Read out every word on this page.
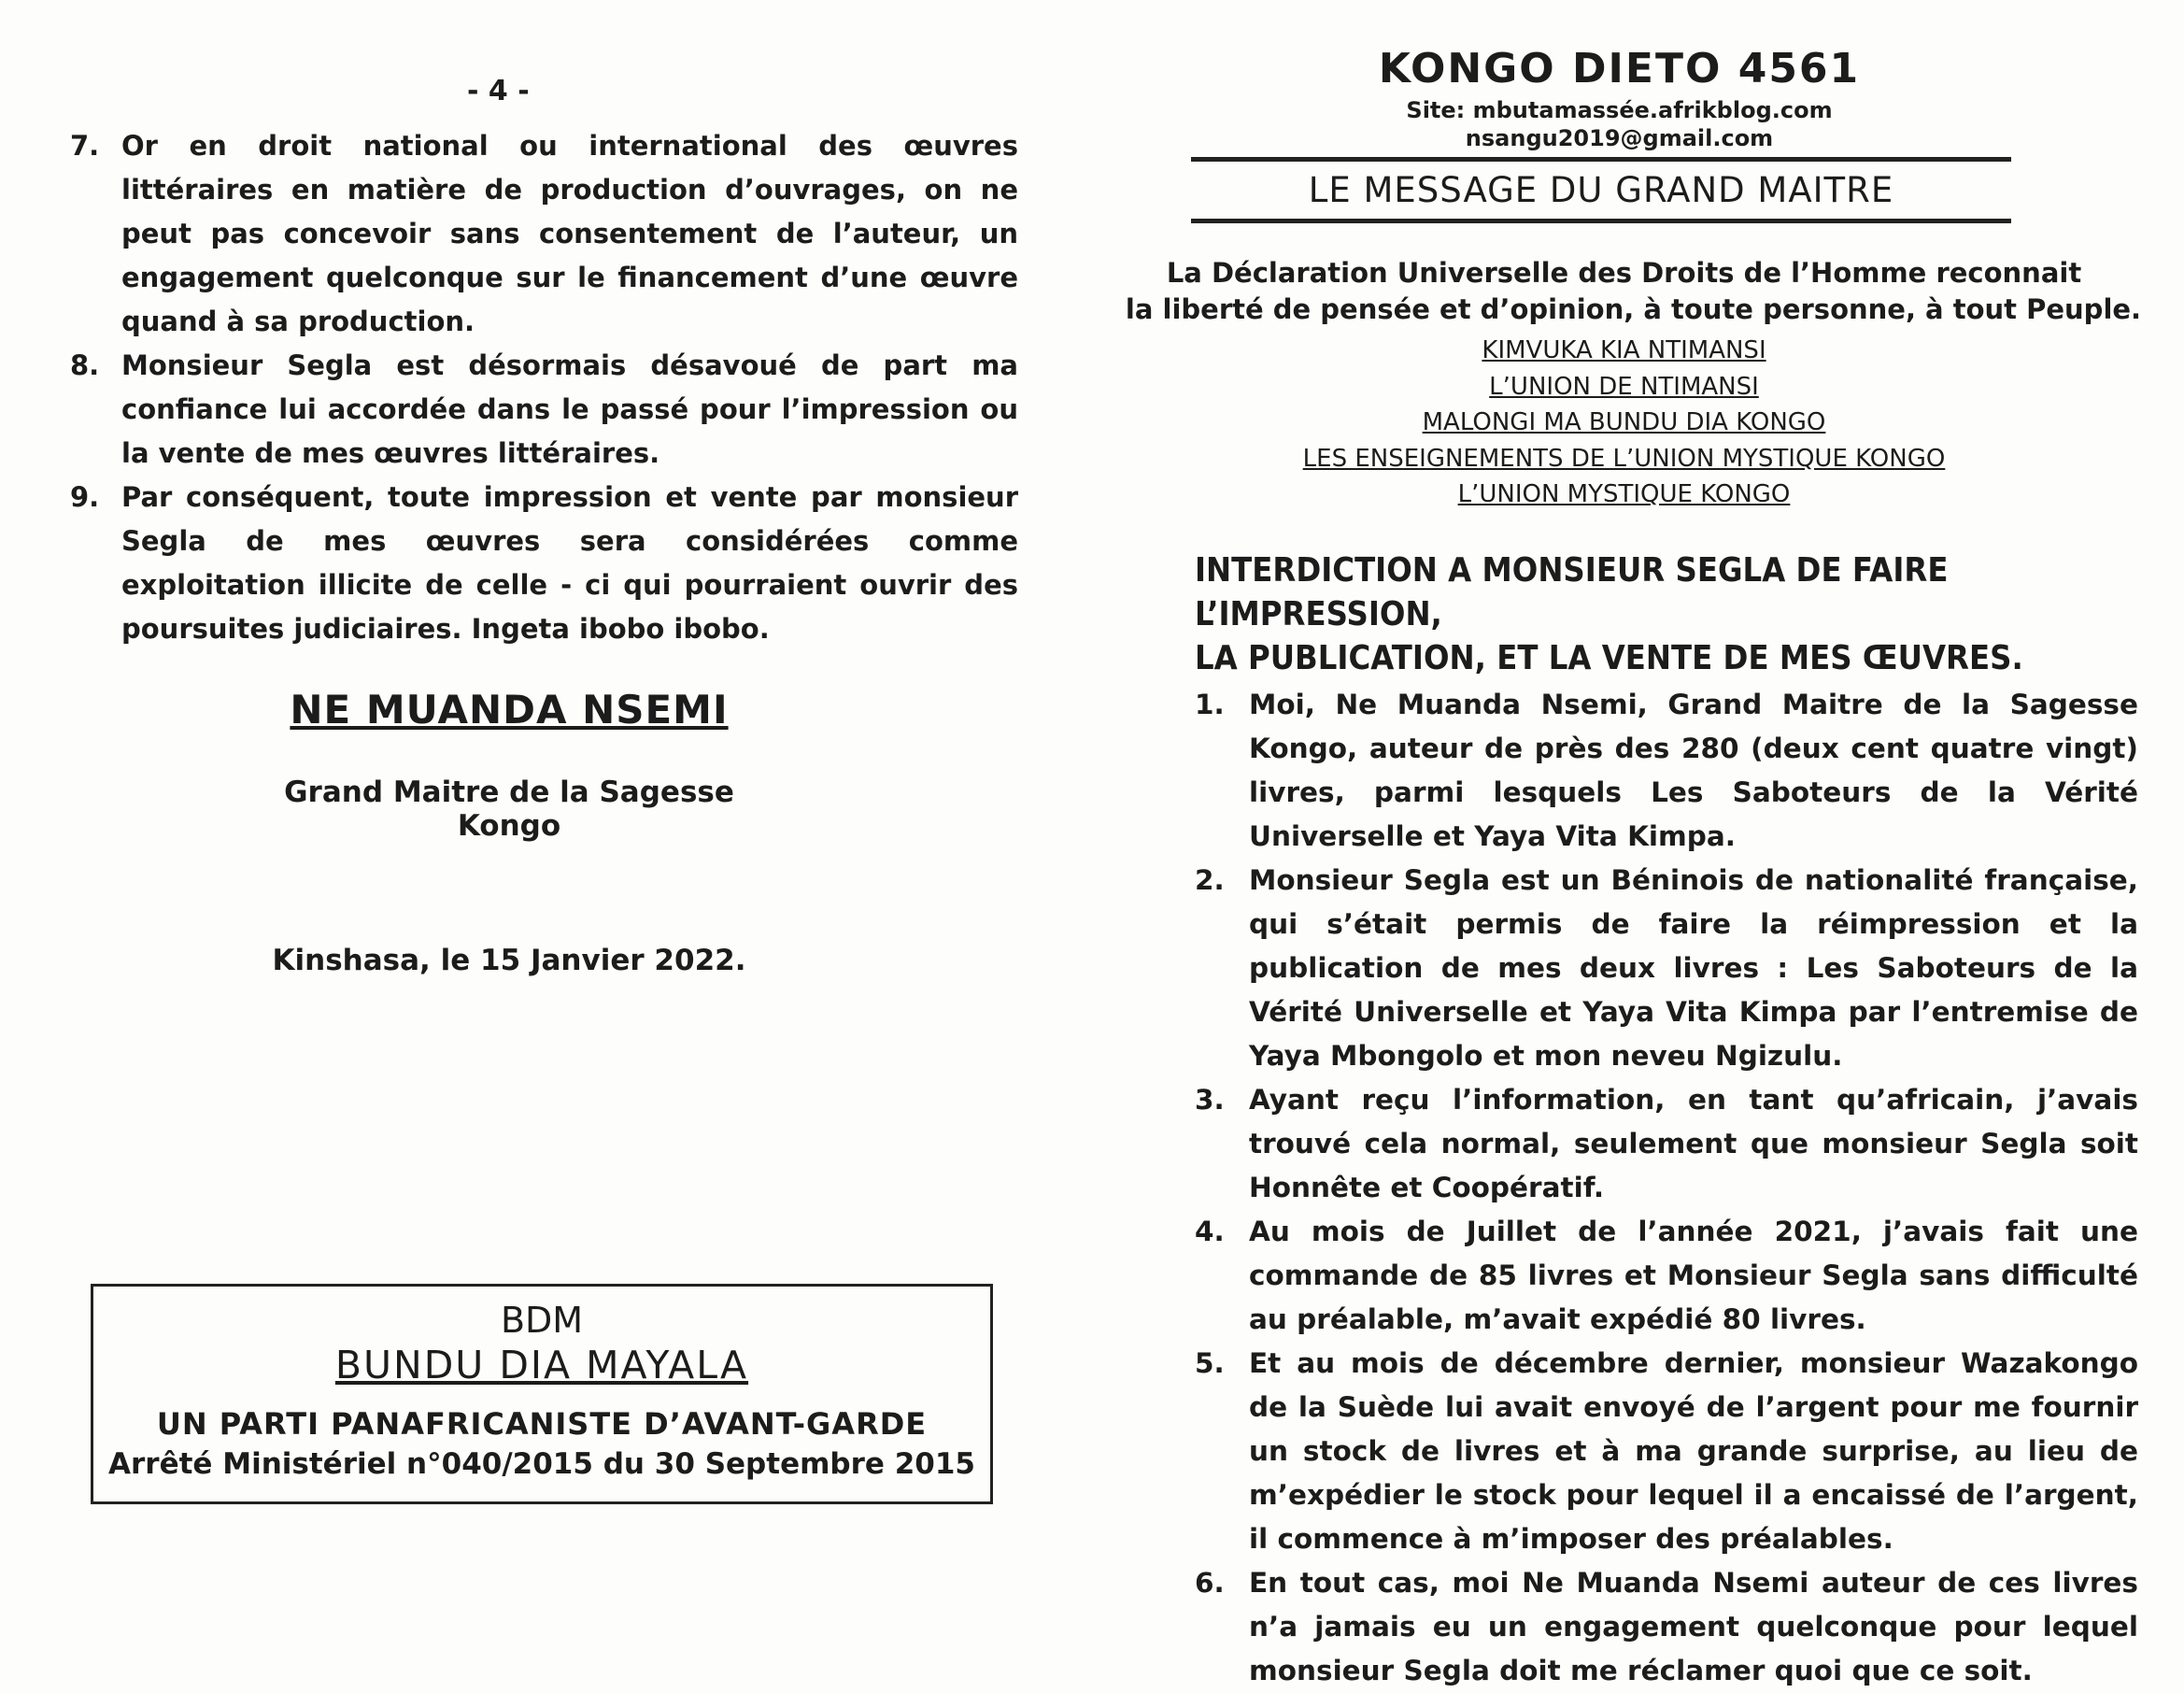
- 4 -
7. Or en droit national ou international des œuvres littéraires en matière de production d’ouvrages, on ne peut pas concevoir sans consentement de l’auteur, un engagement quelconque sur le financement d’une œuvre quand à sa production.
8. Monsieur Segla est désormais désavoué de part ma confiance lui accordée dans le passé pour l’impression ou la vente de mes œuvres littéraires.
9. Par conséquent, toute impression et vente par monsieur Segla de mes œuvres sera considérées comme exploitation illicite de celle - ci qui pourraient ouvrir des poursuites judiciaires. Ingeta ibobo ibobo.
NE MUANDA NSEMI
Grand Maitre de la Sagesse Kongo
Kinshasa, le 15 Janvier 2022.
BDM
BUNDU DIA MAYALA
UN PARTI PANAFRICANISTE D’AVANT-GARDE
Arrêté Ministériel n°040/2015 du 30 Septembre 2015
KONGO DIETO 4561
Site: mbutamassée.afrikblog.com
nsangu2019@gmail.com
LE MESSAGE DU GRAND MAITRE
La Déclaration Universelle des Droits de l’Homme reconnait
la liberté de pensée et d’opinion, à toute personne, à tout Peuple.
KIMVUKA KIA NTIMANSI
L’UNION DE NTIMANSI
MALONGI MA BUNDU DIA KONGO
LES ENSEIGNEMENTS DE L’UNION MYSTIQUE KONGO
L’UNION MYSTIQUE KONGO
INTERDICTION A MONSIEUR SEGLA DE FAIRE L’IMPRESSION,
LA PUBLICATION, ET LA VENTE DE MES ŒUVRES.
1. Moi, Ne Muanda Nsemi, Grand Maitre de la Sagesse Kongo, auteur de près des 280 (deux cent quatre vingt) livres, parmi lesquels Les Saboteurs de la Vérité Universelle et Yaya Vita Kimpa.
2. Monsieur Segla est un Béninois de nationalité française, qui s’était permis de faire la réimpression et la publication de mes deux livres : Les Saboteurs de la Vérité Universelle et Yaya Vita Kimpa par l’entremise de Yaya Mbongolo et mon neveu Ngizulu.
3. Ayant reçu l’information, en tant qu’africain, j’avais trouvé cela normal, seulement que monsieur Segla soit Honnête et Coopératif.
4. Au mois de Juillet de l’année 2021, j’avais fait une commande de 85 livres et Monsieur Segla sans difficulté au préalable, m’avait expédié 80 livres.
5. Et au mois de décembre dernier, monsieur Wazakongo de la Suède lui avait envoyé de l’argent pour me fournir un stock de livres et à ma grande surprise, au lieu de m’expédier le stock pour lequel il a encaissé de l’argent, il commence à m’imposer des préalables.
6. En tout cas, moi Ne Muanda Nsemi auteur de ces livres n’a jamais eu un engagement quelconque pour lequel monsieur Segla doit me réclamer quoi que ce soit.
